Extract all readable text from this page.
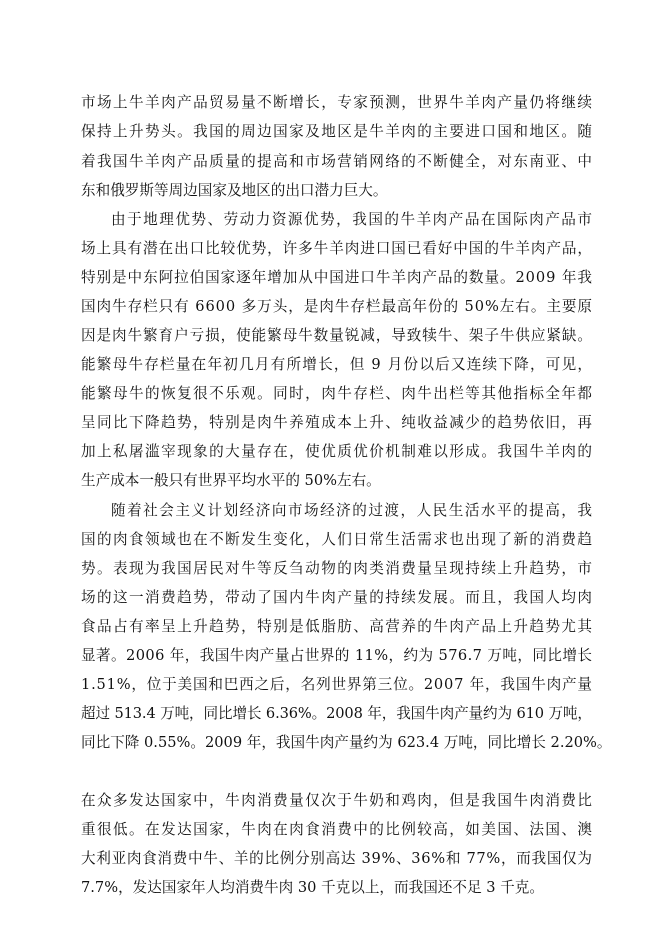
市场上牛羊肉产品贸易量不断增长，专家预测，世界牛羊肉产量仍将继续
保持上升势头。我国的周边国家及地区是牛羊肉的主要进口国和地区。随
着我国牛羊肉产品质量的提高和市场营销网络的不断健全，对东南亚、中
东和俄罗斯等周边国家及地区的出口潜力巨大。
由于地理优势、劳动力资源优势，我国的牛羊肉产品在国际肉产品市
场上具有潜在出口比较优势，许多牛羊肉进口国已看好中国的牛羊肉产品，
特别是中东阿拉伯国家逐年增加从中国进口牛羊肉产品的数量。2009 年我
国肉牛存栏只有 6600 多万头，是肉牛存栏最高年份的 50%左右。主要原
因是肉牛繁育户亏损，使能繁母牛数量锐减，导致犊牛、架子牛供应紧缺。
能繁母牛存栏量在年初几月有所增长，但 9 月份以后又连续下降，可见，
能繁母牛的恢复很不乐观。同时，肉牛存栏、肉牛出栏等其他指标全年都
呈同比下降趋势，特别是肉牛养殖成本上升、纯收益减少的趋势依旧，再
加上私屠滥宰现象的大量存在，使优质优价机制难以形成。我国牛羊肉的
生产成本一般只有世界平均水平的 50%左右。
随着社会主义计划经济向市场经济的过渡，人民生活水平的提高，我
国的肉食领域也在不断发生变化，人们日常生活需求也出现了新的消费趋
势。表现为我国居民对牛等反刍动物的肉类消费量呈现持续上升趋势，市
场的这一消费趋势，带动了国内牛肉产量的持续发展。而且，我国人均肉
食品占有率呈上升趋势，特别是低脂肪、高营养的牛肉产品上升趋势尤其
显著。2006 年，我国牛肉产量占世界的 11%，约为 576.7 万吨，同比增长
1.51%，位于美国和巴西之后，名列世界第三位。2007 年，我国牛肉产量
超过 513.4 万吨，同比增长 6.36%。2008 年，我国牛肉产量约为 610 万吨，
同比下降 0.55%。2009 年，我国牛肉产量约为 623.4 万吨，同比增长 2.20%。
在众多发达国家中，牛肉消费量仅次于牛奶和鸡肉，但是我国牛肉消费比
重很低。在发达国家，牛肉在肉食消费中的比例较高，如美国、法国、澳
大利亚肉食消费中牛、羊的比例分别高达 39%、36%和 77%，而我国仅为
7.7%，发达国家年人均消费牛肉 30 千克以上，而我国还不足 3 千克。
